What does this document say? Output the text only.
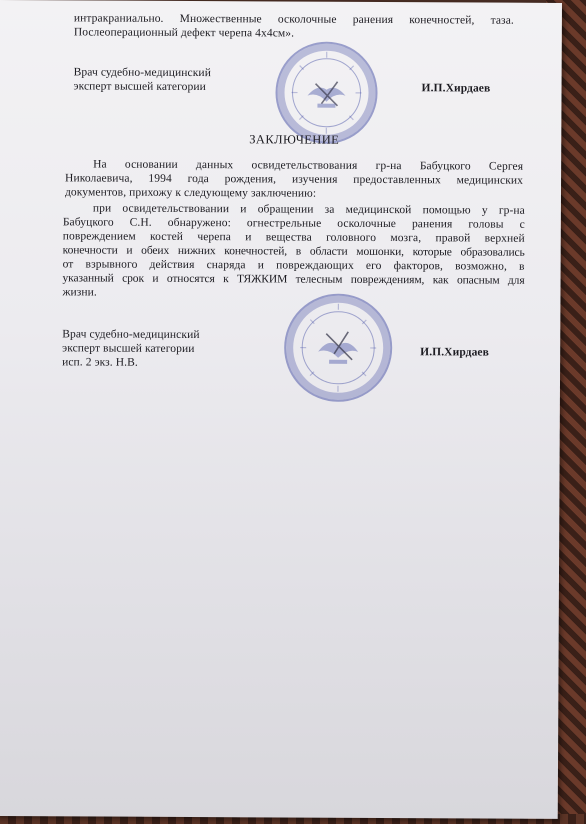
интракраниально. Множественные осколочные ранения конечностей, таза.
Послеоперационный дефект черепа 4х4см».
Врач судебно-медицинский
эксперт высшей категории	И.П.Хирдаев
ЗАКЛЮЧЕНИЕ
На основании данных освидетельствования гр-на Бабуцкого Сергея
Николаевича, 1994 года рождения, изучения предоставленных медицинских
документов, прихожу к следующему заключению:
при освидетельствовании и обращении за медицинской помощью у гр-на
Бабуцкого С.Н. обнаружено: огнестрельные осколочные ранения головы с
повреждением костей черепа и вещества головного мозга, правой верхней
конечности и обеих нижних конечностей, в области мошонки, которые образовались
от взрывного действия снаряда и повреждающих его факторов, возможно, в
указанный срок и относятся к ТЯЖКИМ телесным повреждениям, как опасным для
жизни.
Врач судебно-медицинский
эксперт высшей категории
исп. 2 экз. Н.В.
И.П.Хирдаев
